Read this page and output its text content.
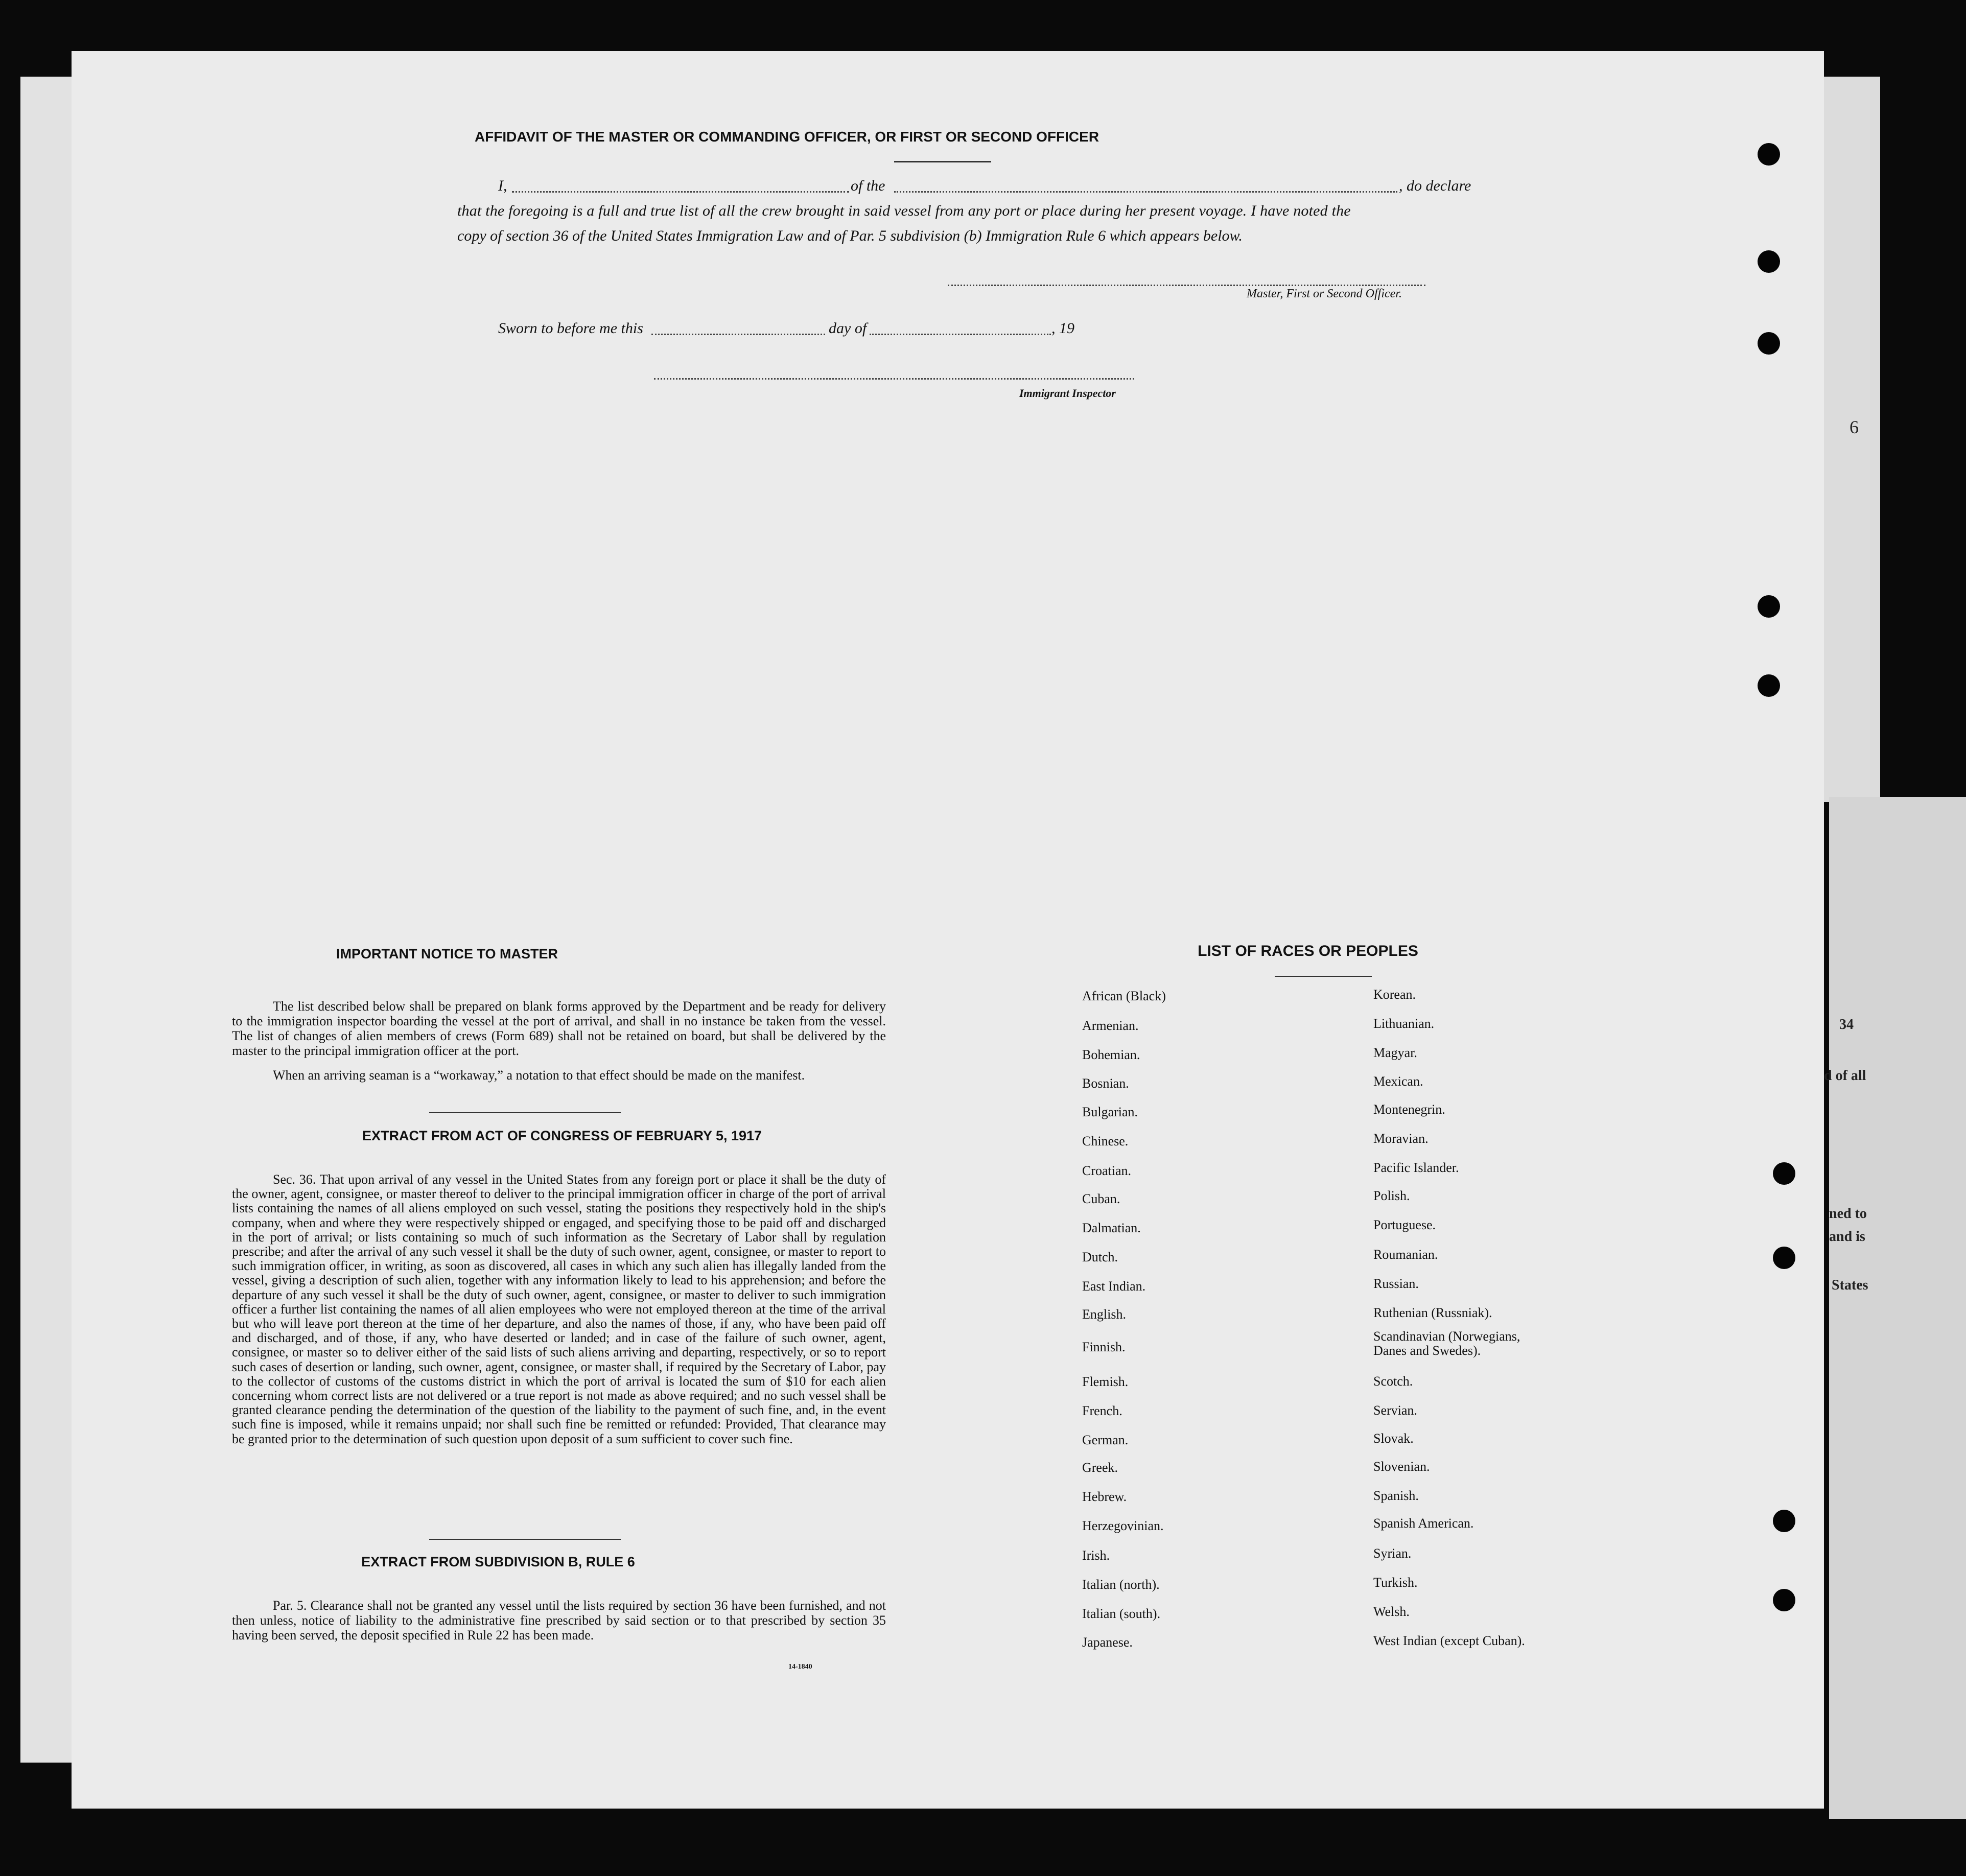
34
d of all
ned to
and is
States
6
AFFIDAVIT OF THE MASTER OR COMMANDING OFFICER, OR FIRST OR SECOND OFFICER
I,	of the	, do declare
that the foregoing is a full and true list of all the crew brought in said vessel from any port or place during her present voyage. I have noted the
copy of section 36 of the United States Immigration Law and of Par. 5 subdivision (b) Immigration Rule 6 which appears below.
Master, First or Second Officer.
Sworn to before me this	day of	, 19
Immigrant Inspector
IMPORTANT NOTICE TO MASTER
The list described below shall be prepared on blank forms approved by the Department and be ready for delivery to the immigration inspector boarding the vessel at the port of arrival, and shall in no instance be taken from the vessel. The list of changes of alien members of crews (Form 689) shall not be retained on board, but shall be delivered by the master to the principal immigration officer at the port.
When an arriving seaman is a “workaway,” a notation to that effect should be made on the manifest.
EXTRACT FROM ACT OF CONGRESS OF FEBRUARY 5, 1917
Sec. 36. That upon arrival of any vessel in the United States from any foreign port or place it shall be the duty of the owner, agent, consignee, or master thereof to deliver to the principal immigration officer in charge of the port of arrival lists containing the names of all aliens employed on such vessel, stating the positions they respectively hold in the ship's company, when and where they were respectively shipped or engaged, and specifying those to be paid off and discharged in the port of arrival; or lists containing so much of such information as the Secretary of Labor shall by regulation prescribe; and after the arrival of any such vessel it shall be the duty of such owner, agent, consignee, or master to report to such immigration officer, in writing, as soon as discovered, all cases in which any such alien has illegally landed from the vessel, giving a description of such alien, together with any information likely to lead to his apprehension; and before the departure of any such vessel it shall be the duty of such owner, agent, consignee, or master to deliver to such immigration officer a further list containing the names of all alien employees who were not employed thereon at the time of the arrival but who will leave port thereon at the time of her departure, and also the names of those, if any, who have been paid off and discharged, and of those, if any, who have deserted or landed; and in case of the failure of such owner, agent, consignee, or master so to deliver either of the said lists of such aliens arriving and departing, respectively, or so to report such cases of desertion or landing, such owner, agent, consignee, or master shall, if required by the Secretary of Labor, pay to the collector of customs of the customs district in which the port of arrival is located the sum of $10 for each alien concerning whom correct lists are not delivered or a true report is not made as above required; and no such vessel shall be granted clearance pending the determination of the question of the liability to the payment of such fine, and, in the event such fine is imposed, while it remains unpaid; nor shall such fine be remitted or refunded: Provided, That clearance may be granted prior to the determination of such question upon deposit of a sum sufficient to cover such fine.
EXTRACT FROM SUBDIVISION B, RULE 6
Par. 5. Clearance shall not be granted any vessel until the lists required by section 36 have been furnished, and not then unless, notice of liability to the administrative fine prescribed by said section or to that prescribed by section 35 having been served, the deposit specified in Rule 22 has been made.
14-1840
LIST OF RACES OR PEOPLES
African (Black)
Armenian.
Bohemian.
Bosnian.
Bulgarian.
Chinese.
Croatian.
Cuban.
Dalmatian.
Dutch.
East Indian.
English.
Finnish.
Flemish.
French.
German.
Greek.
Hebrew.
Herzegovinian.
Irish.
Italian (north).
Italian (south).
Japanese.
Korean.
Lithuanian.
Magyar.
Mexican.
Montenegrin.
Moravian.
Pacific Islander.
Polish.
Portuguese.
Roumanian.
Russian.
Ruthenian (Russniak).
Scandinavian (Norwegians,
Danes and Swedes).
Scotch.
Servian.
Slovak.
Slovenian.
Spanish.
Spanish American.
Syrian.
Turkish.
Welsh.
West Indian (except Cuban).
